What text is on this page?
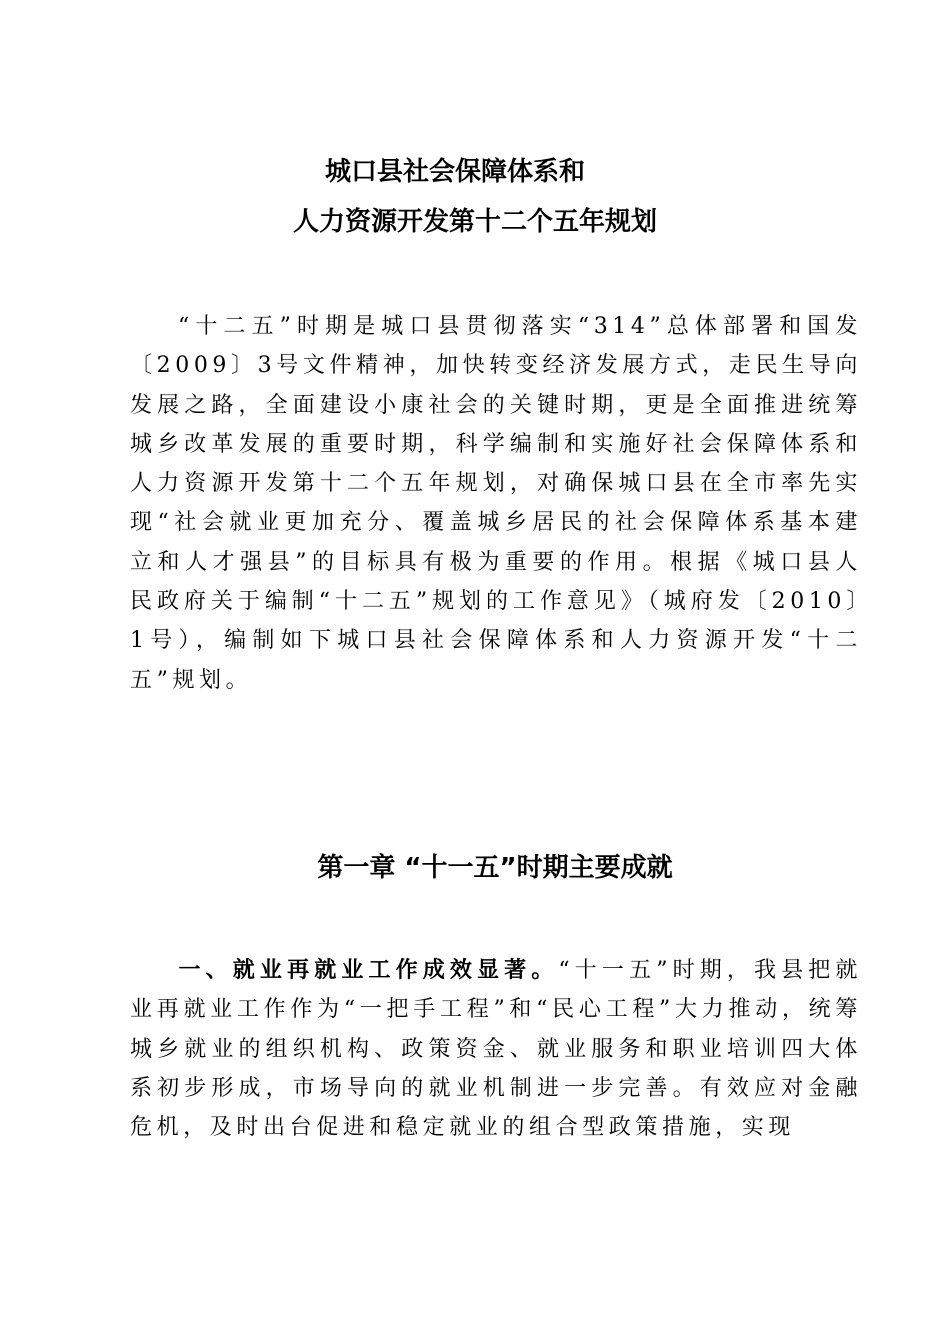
城口县社会保障体系和
人力资源开发第十二个五年规划

“十二五”时期是城口县贯彻落实“314”总体部署和国发〔2009〕3号文件精神，加快转变经济发展方式，走民生导向发展之路，全面建设小康社会的关键时期，更是全面推进统筹城乡改革发展的重要时期，科学编制和实施好社会保障体系和人力资源开发第十二个五年规划，对确保城口县在全市率先实现“社会就业更加充分、覆盖城乡居民的社会保障体系基本建立和人才强县”的目标具有极为重要的作用。根据《城口县人民政府关于编制“十二五”规划的工作意见》（城府发〔2010〕1号），编制如下城口县社会保障体系和人力资源开发“十二五”规划。

第一章 “十一五”时期主要成就

一、就业再就业工作成效显著。“十一五”时期，我县把就业再就业工作作为“一把手工程”和“民心工程”大力推动，统筹城乡就业的组织机构、政策资金、就业服务和职业培训四大体系初步形成，市场导向的就业机制进一步完善。有效应对金融危机，及时出台促进和稳定就业的组合型政策措施，实现
